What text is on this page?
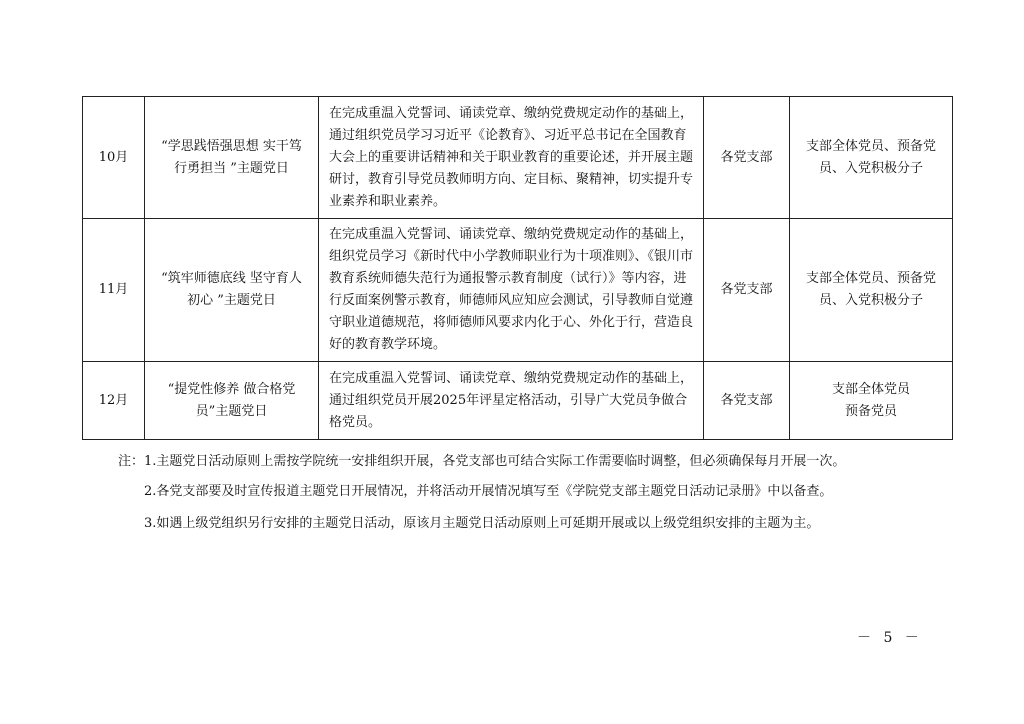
10月	“学思践悟强思想 实干笃行勇担当 ”主题党日	在完成重温入党誓词、诵读党章、缴纳党费规定动作的基础上，通过组织党员学习习近平《论教育》、习近平总书记在全国教育大会上的重要讲话精神和关于职业教育的重要论述，并开展主题研讨，教育引导党员教师明方向、定目标、聚精神，切实提升专业素养和职业素养。	各党支部	支部全体党员、预备党员、入党积极分子
11月	“筑牢师德底线 坚守育人初心 ”主题党日	在完成重温入党誓词、诵读党章、缴纳党费规定动作的基础上，组织党员学习《新时代中小学教师职业行为十项准则》、《银川市教育系统师德失范行为通报警示教育制度（试行）》等内容，进行反面案例警示教育，师德师风应知应会测试，引导教师自觉遵守职业道德规范，将师德师风要求内化于心、外化于行，营造良好的教育教学环境。	各党支部	支部全体党员、预备党员、入党积极分子
12月	“提党性修养 做合格党员”主题党日	在完成重温入党誓词、诵读党章、缴纳党费规定动作的基础上，通过组织党员开展2025年评星定格活动，引导广大党员争做合格党员。	各党支部	支部全体党员
预备党员
注： 1.主题党日活动原则上需按学院统一安排组织开展，各党支部也可结合实际工作需要临时调整，但必须确保每月开展一次。
2.各党支部要及时宣传报道主题党日开展情况，并将活动开展情况填写至《学院党支部主题党日活动记录册》中以备查。
3.如遇上级党组织另行安排的主题党日活动，原该月主题党日活动原则上可延期开展或以上级党组织安排的主题为主。
－ 5 －
